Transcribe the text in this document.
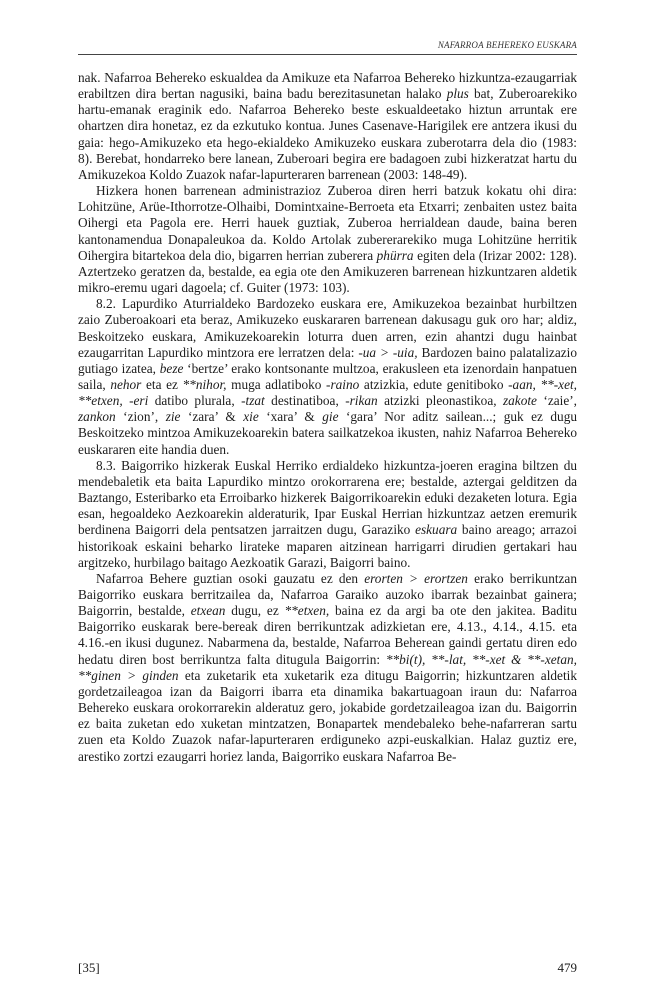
NAFARROA BEHEREKO EUSKARA

nak. Nafarroa Behereko eskualdea da Amikuze eta Nafarroa Behereko hizkuntza-ezaugarriak erabiltzen dira bertan nagusiki, baina badu berezitasunetan halako plus bat, Zuberoarekiko hartu-emanak eraginik edo. Nafarroa Behereko beste eskualdeetako hiztun arruntak ere ohartzen dira honetaz, ez da ezkutuko kontua. Junes Casenave-Harigilek ere antzera ikusi du gaia: hego-Amikuzeko eta hego-ekialdeko Amikuzeko euskara zuberotarra dela dio (1983: 8). Berebat, hondarreko bere lanean, Zuberoari begira ere badagoen zubi hizkeratzat hartu du Amikuzekoa Koldo Zuazok nafar-lapurteraren barrenean (2003: 148-49).

Hizkera honen barrenean administrazioz Zuberoa diren herri batzuk kokatu ohi dira: Lohitzüne, Arüe-Ithorrotze-Olhaibi, Domintxaine-Berroeta eta Etxarri; zenbaiten ustez baita Oihergi eta Pagola ere. Herri hauek guztiak, Zuberoa herrialdean daude, baina beren kantonamendua Donapaleukoa da. Koldo Artolak zubererarekiko muga Lohitzüne herritik Oihergira bitartekoa dela dio, bigarren herrian zuberera phürra egiten dela (Irizar 2002: 128). Aztertzeko geratzen da, bestalde, ea egia ote den Amikuzeren barrenean hizkuntzaren aldetik mikro-eremu ugari dagoela; cf. Guiter (1973: 103).

8.2. Lapurdiko Aturrialdeko Bardozeko euskara ere, Amikuzekoa bezainbat hurbiltzen zaio Zuberoakoari eta beraz, Amikuzeko euskararen barrenean dakusagu guk oro har; aldiz, Beskoitzeko euskara, Amikuzekoarekin loturra duen arren, ezin ahantzi dugu hainbat ezaugarritan Lapurdiko mintzora ere lerratzen dela: -ua > -uia, Bardozen baino palatalizazio gutiago izatea, beze ‘bertze’ erako kontsonante multzoa, erakusleen eta izenordain hanpatuen saila, nehor eta ez **nihor, muga adlatiboko -raino atzizkia, edute genitiboko -aan, **-xet, **etxen, -eri datibo plurala, -tzat destinatiboa, -rikan atzizki pleonastikoa, zakote ‘zaie’, zankon ‘zion’, zie ‘zara’ & xie ‘xara’ & gie ‘gara’ Nor aditz sailean...; guk ez dugu Beskoitzeko mintzoa Amikuzekoarekin batera sailkatzekoa ikusten, nahiz Nafarroa Behereko euskararen eite handia duen.

8.3. Baigorriko hizkerak Euskal Herriko erdialdeko hizkuntza-joeren eragina biltzen du mendebaletik eta baita Lapurdiko mintzo orokorrarena ere; bestalde, aztergai gelditzen da Baztango, Esteribarko eta Erroibarko hizkerek Baigorrikoarekin eduki dezaketen lotura. Egia esan, hegoaldeko Aezkoarekin alderaturik, Ipar Euskal Herrian hizkuntzaz aetzen eremurik berdinena Baigorri dela pentsatzen jarraitzen dugu, Garaziko eskuara baino areago; arrazoi historikoak eskaini beharko lirateke maparen aitzinean harrigarri dirudien gertakari hau argitzeko, hurbilago baitago Aezkoatik Garazi, Baigorri baino.

Nafarroa Behere guztian osoki gauzatu ez den erorten > erortzen erako berrikuntzan Baigorriko euskara berritzailea da, Nafarroa Garaiko auzoko ibarrak bezainbat gainera; Baigorrin, bestalde, etxean dugu, ez **etxen, baina ez da argi ba ote den jakitea. Baditu Baigorriko euskarak bere-bereak diren berrikuntzak adizkietan ere, 4.13., 4.14., 4.15. eta 4.16.-en ikusi dugunez. Nabarmena da, bestalde, Nafarroa Beherean gaindi gertatu diren edo hedatu diren bost berrikuntza falta ditugula Baigorrin: **bi(t), **-lat, **-xet & **-xetan, **ginen > ginden eta zuketarik eta xuketarik eza ditugu Baigorrin; hizkuntzaren aldetik gordetzaileagoa izan da Baigorri ibarra eta dinamika bakartuagoan iraun du: Nafarroa Behereko euskara orokorrarekin alderatuz gero, jokabide gordetzaileagoa izan du. Baigorrin ez baita zuketan edo xuketan mintzatzen, Bonapartek mendebaleko behe-nafarreran sartu zuen eta Koldo Zuazok nafar-lapurteraren erdiguneko azpi-euskalkian. Halaz guztiz ere, arestiko zortzi ezaugarri horiez landa, Baigorriko euskara Nafarroa Be-

[35]	479
